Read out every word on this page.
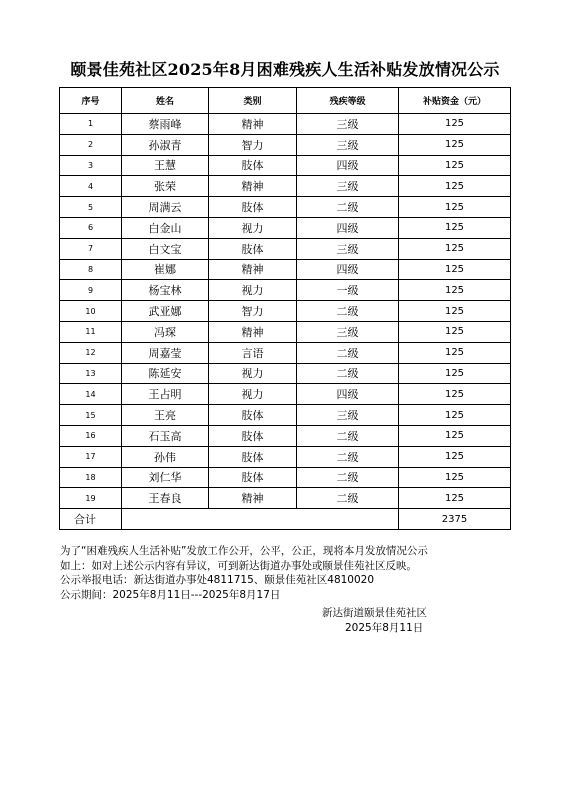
颐景佳苑社区2025年8月困难残疾人生活补贴发放情况公示
序号	姓名	类别	残疾等级	补贴资金（元）
1	蔡雨峰	精神	三级	125
2	孙淑青	智力	三级	125
3	王慧	肢体	四级	125
4	张荣	精神	三级	125
5	周满云	肢体	二级	125
6	白金山	视力	四级	125
7	白文宝	肢体	三级	125
8	崔娜	精神	四级	125
9	杨宝林	视力	一级	125
10	武亚娜	智力	二级	125
11	冯琛	精神	三级	125
12	周嘉莹	言语	二级	125
13	陈延安	视力	二级	125
14	王占明	视力	四级	125
15	王亮	肢体	三级	125
16	石玉高	肢体	二级	125
17	孙伟	肢体	二级	125
18	刘仁华	肢体	二级	125
19	王春良	精神	二级	125
合计				2375
为了“困难残疾人生活补贴”发放工作公开，公平，公正，现将本月发放情况公示
如上：如对上述公示内容有异议，可到新达街道办事处或颐景佳苑社区反映。
公示举报电话：新达街道办事处4811715、颐景佳苑社区4810020
公示期间：2025年8月11日---2025年8月17日
新达街道颐景佳苑社区
2025年8月11日
